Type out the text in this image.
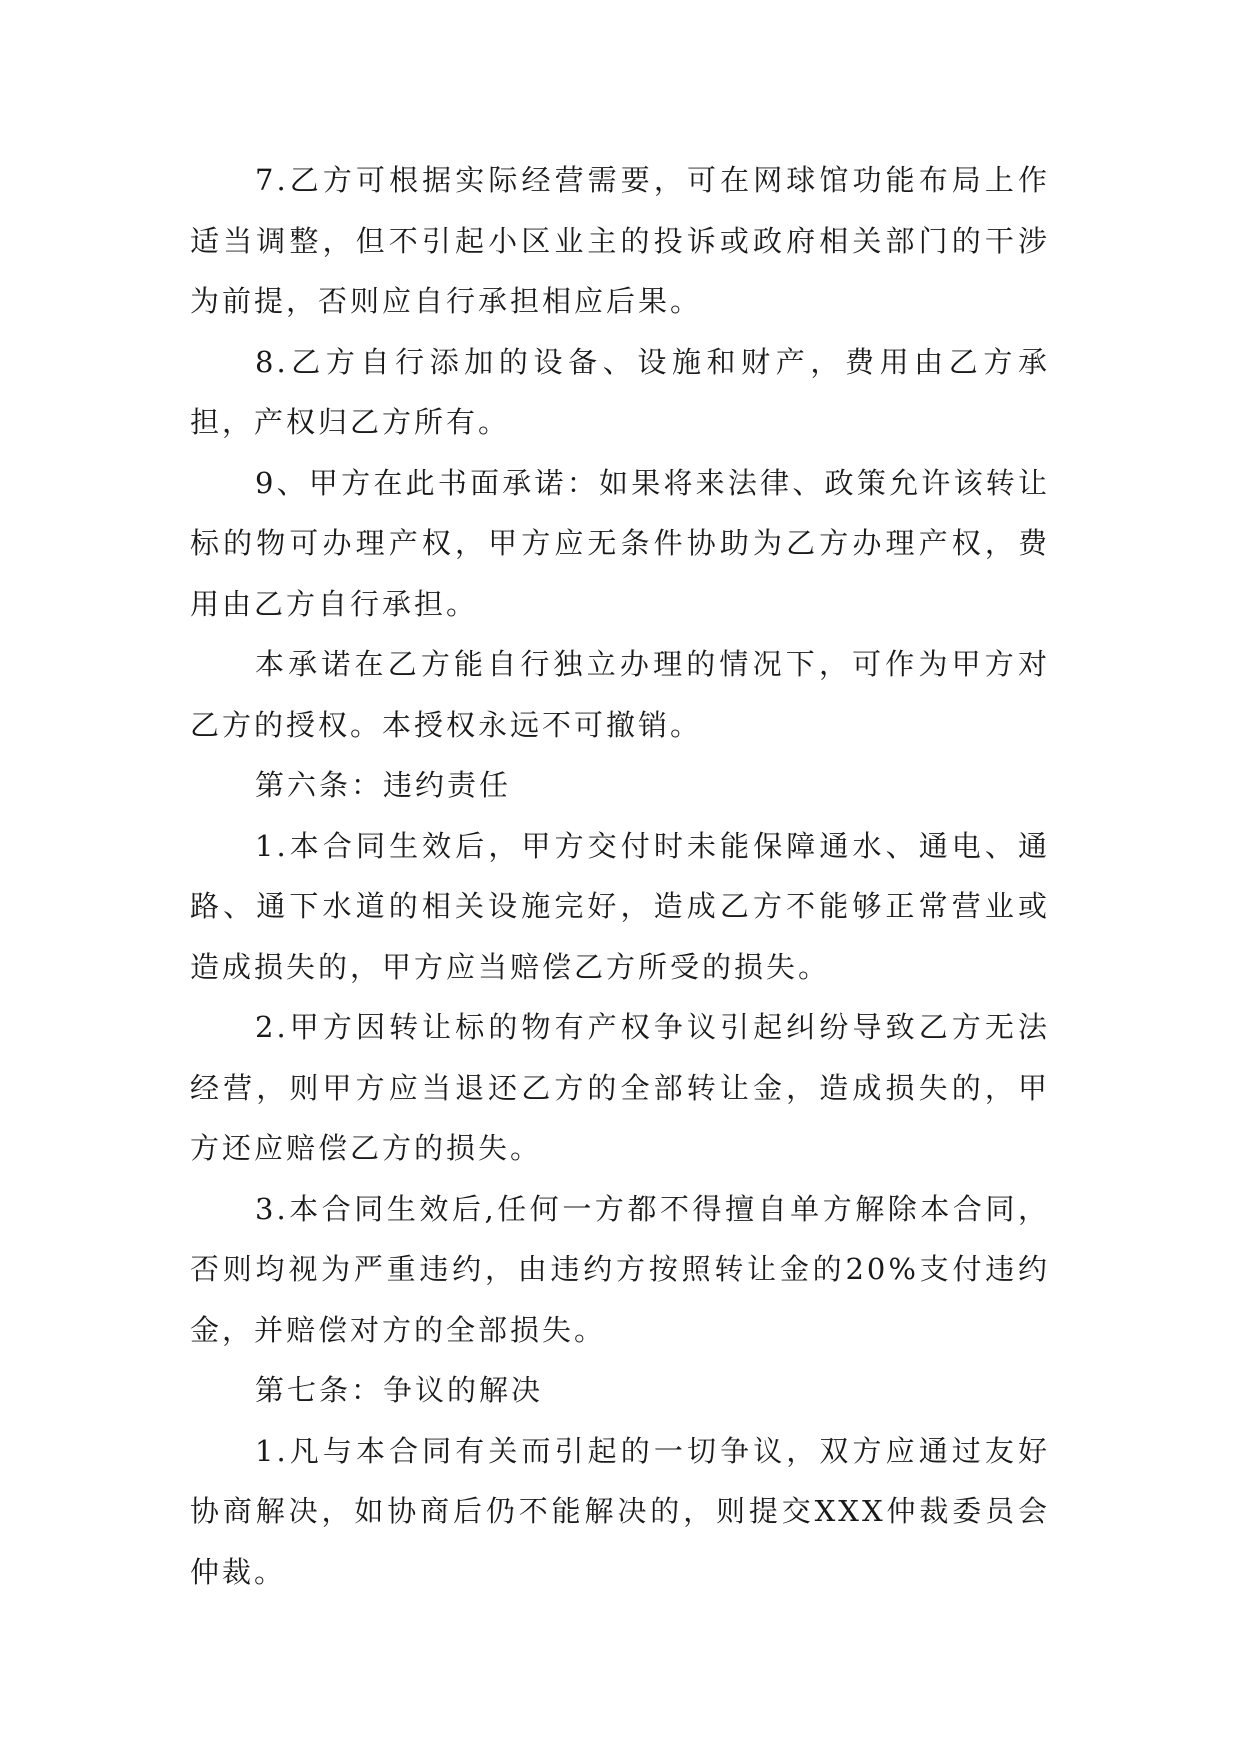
7.乙方可根据实际经营需要，可在网球馆功能布局上作适当调整，但不引起小区业主的投诉或政府相关部门的干涉为前提，否则应自行承担相应后果。

8.乙方自行添加的设备、设施和财产，费用由乙方承担，产权归乙方所有。

9、甲方在此书面承诺：如果将来法律、政策允许该转让标的物可办理产权，甲方应无条件协助为乙方办理产权，费用由乙方自行承担。

本承诺在乙方能自行独立办理的情况下，可作为甲方对乙方的授权。本授权永远不可撤销。

第六条：违约责任

1.本合同生效后，甲方交付时未能保障通水、通电、通路、通下水道的相关设施完好，造成乙方不能够正常营业或造成损失的，甲方应当赔偿乙方所受的损失。

2.甲方因转让标的物有产权争议引起纠纷导致乙方无法经营，则甲方应当退还乙方的全部转让金，造成损失的，甲方还应赔偿乙方的损失。

3.本合同生效后,任何一方都不得擅自单方解除本合同，否则均视为严重违约，由违约方按照转让金的20%支付违约金，并赔偿对方的全部损失。

第七条：争议的解决

1.凡与本合同有关而引起的一切争议，双方应通过友好协商解决，如协商后仍不能解决的，则提交XXX仲裁委员会仲裁。
